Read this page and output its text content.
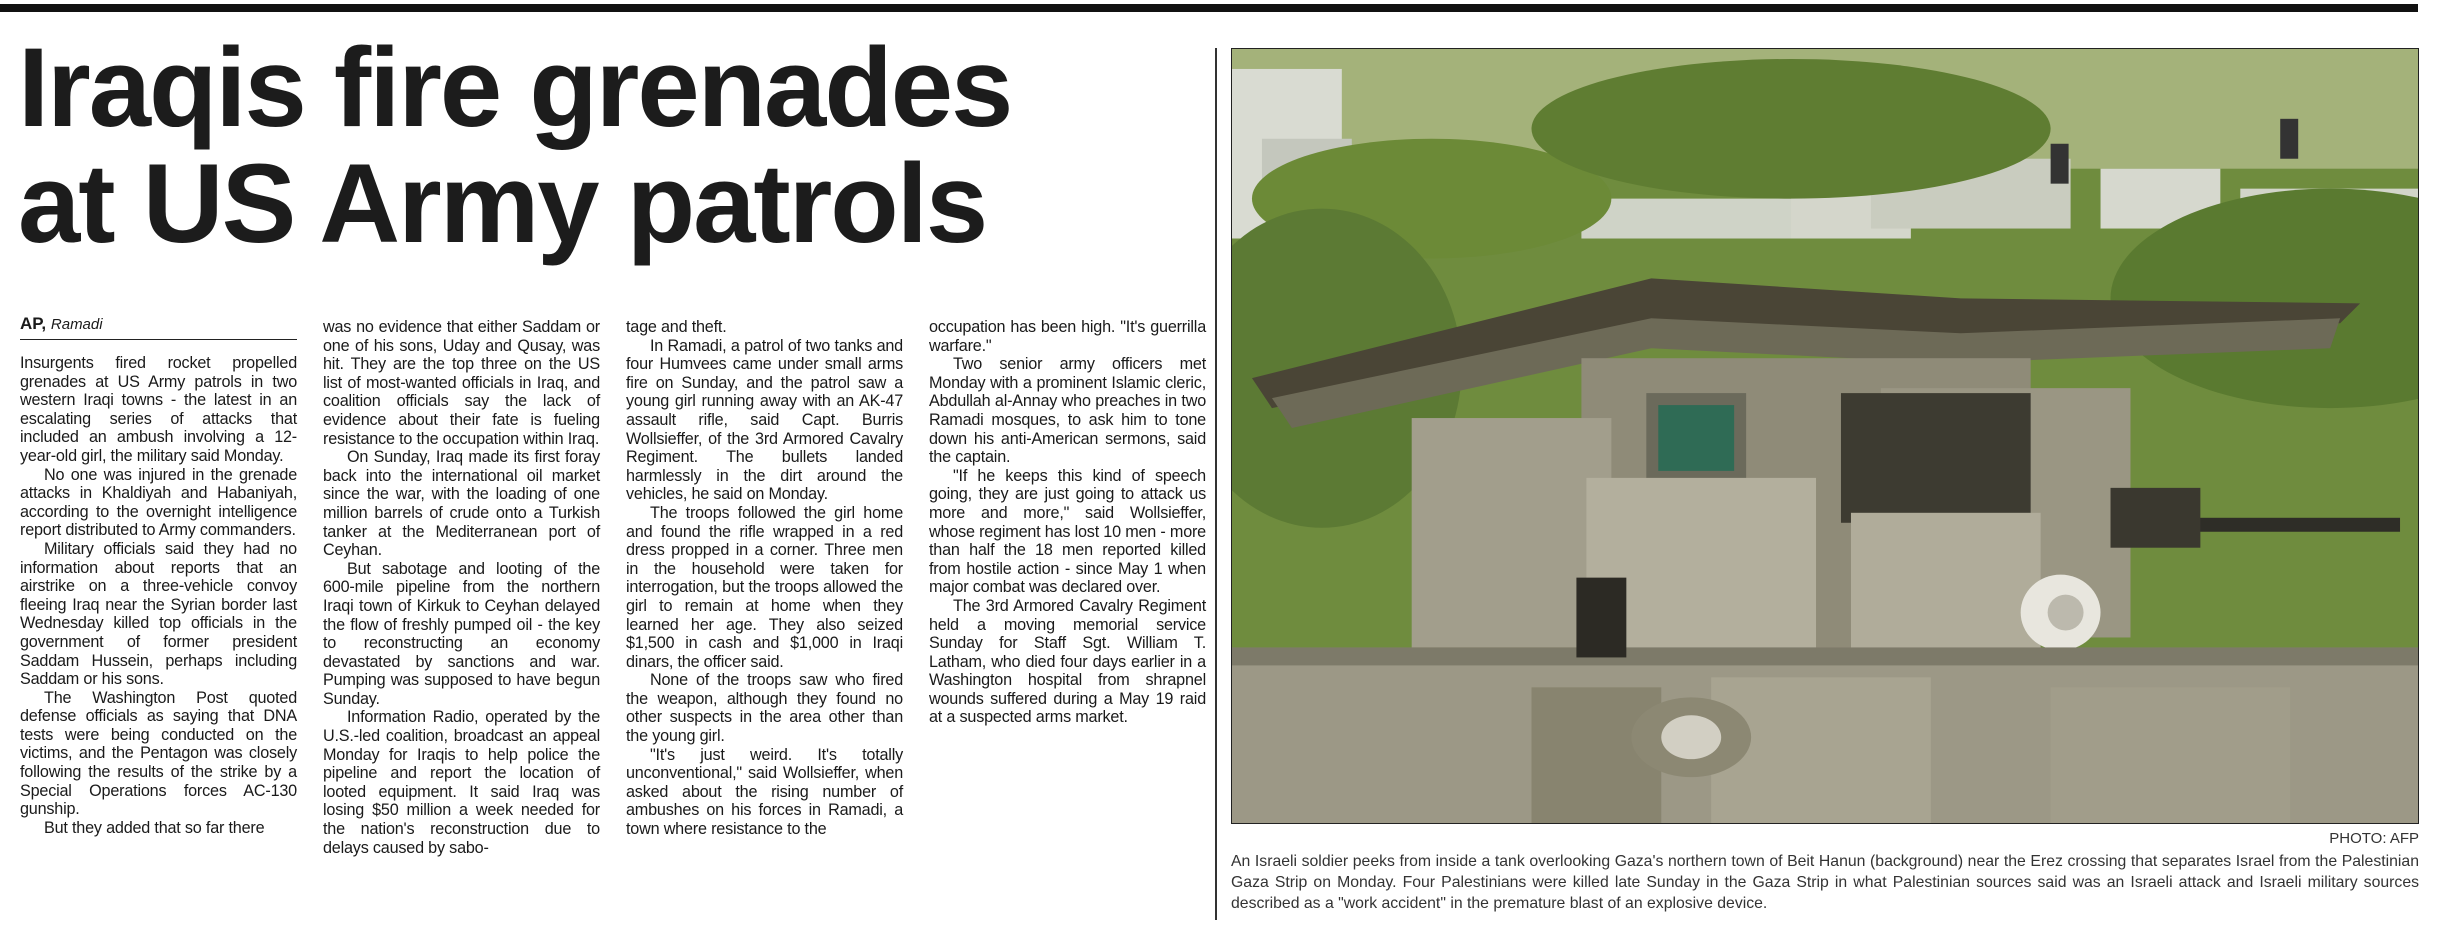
Iraqis fire grenades
at US Army patrols
AP, Ramadi

Insurgents fired rocket propelled grenades at US Army patrols in two western Iraqi towns - the latest in an escalating series of attacks that included an ambush involving a 12-year-old girl, the military said Monday.

No one was injured in the grenade attacks in Khaldiyah and Habaniyah, according to the overnight intelligence report distributed to Army commanders.

Military officials said they had no information about reports that an airstrike on a three-vehicle convoy fleeing Iraq near the Syrian border last Wednesday killed top officials in the government of former president Saddam Hussein, perhaps including Saddam or his sons.

The Washington Post quoted defense officials as saying that DNA tests were being conducted on the victims, and the Pentagon was closely following the results of the strike by a Special Operations forces AC-130 gunship.

But they added that so far there

was no evidence that either Saddam or one of his sons, Uday and Qusay, was hit. They are the top three on the US list of most-wanted officials in Iraq, and coalition officials say the lack of evidence about their fate is fueling resistance to the occupation within Iraq.

On Sunday, Iraq made its first foray back into the international oil market since the war, with the loading of one million barrels of crude onto a Turkish tanker at the Mediterranean port of Ceyhan.

But sabotage and looting of the 600-mile pipeline from the northern Iraqi town of Kirkuk to Ceyhan delayed the flow of freshly pumped oil - the key to reconstructing an economy devastated by sanctions and war. Pumping was supposed to have begun Sunday.

Information Radio, operated by the U.S.-led coalition, broadcast an appeal Monday for Iraqis to help police the pipeline and report the location of looted equipment. It said Iraq was losing $50 million a week needed for the nation's reconstruction due to delays caused by sabo-

tage and theft.

In Ramadi, a patrol of two tanks and four Humvees came under small arms fire on Sunday, and the patrol saw a young girl running away with an AK-47 assault rifle, said Capt. Burris Wollsieffer, of the 3rd Armored Cavalry Regiment. The bullets landed harmlessly in the dirt around the vehicles, he said on Monday.

The troops followed the girl home and found the rifle wrapped in a red dress propped in a corner. Three men in the household were taken for interrogation, but the troops allowed the girl to remain at home when they learned her age. They also seized $1,500 in cash and $1,000 in Iraqi dinars, the officer said.

None of the troops saw who fired the weapon, although they found no other suspects in the area other than the young girl.

"It's just weird. It's totally unconventional," said Wollsieffer, when asked about the rising number of ambushes on his forces in Ramadi, a town where resistance to the

occupation has been high. "It's guerrilla warfare."

Two senior army officers met Monday with a prominent Islamic cleric, Abdullah al-Annay who preaches in two Ramadi mosques, to ask him to tone down his anti-American sermons, said the captain.

"If he keeps this kind of speech going, they are just going to attack us more and more," said Wollsieffer, whose regiment has lost 10 men - more than half the 18 men reported killed from hostile action - since May 1 when major combat was declared over.

The 3rd Armored Cavalry Regiment held a moving memorial service Sunday for Staff Sgt. William T. Latham, who died four days earlier in a Washington hospital from shrapnel wounds suffered during a May 19 raid at a suspected arms market.

PHOTO: AFP

An Israeli soldier peeks from inside a tank overlooking Gaza's northern town of Beit Hanun (background) near the Erez crossing that separates Israel from the Palestinian Gaza Strip on Monday. Four Palestinians were killed late Sunday in the Gaza Strip in what Palestinian sources said was an Israeli attack and Israeli military sources described as a "work accident" in the premature blast of an explosive device.
